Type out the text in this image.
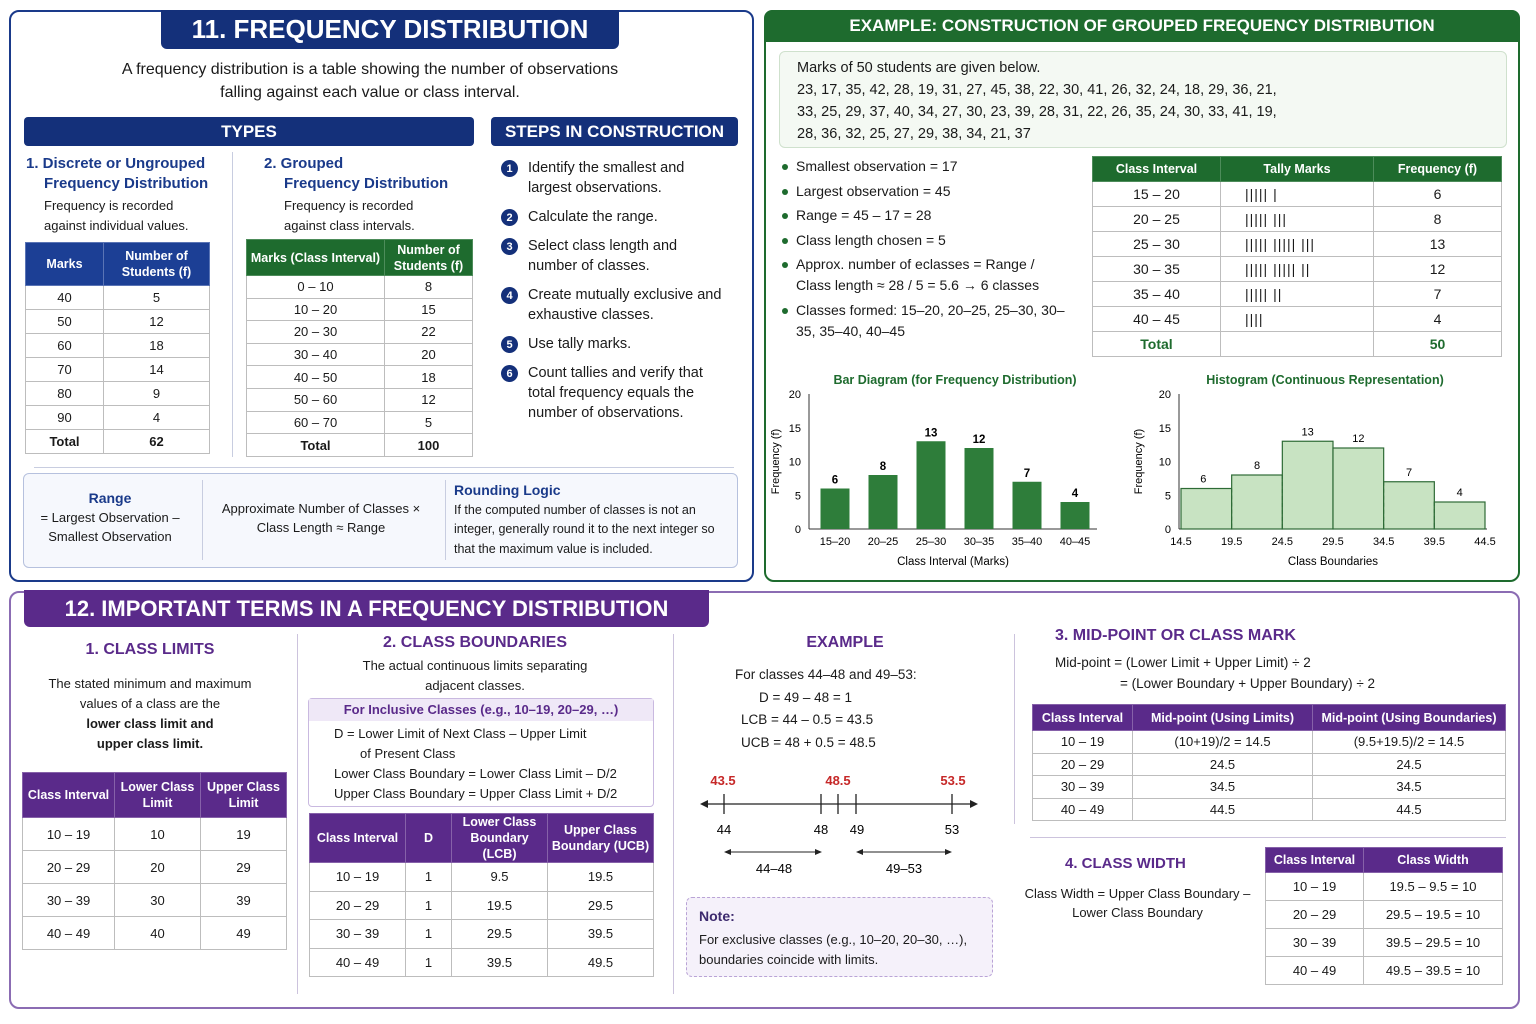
11. FREQUENCY DISTRIBUTION
A frequency distribution is a table showing the number of observations
falling against each value or class interval.
TYPES	STEPS IN CONSTRUCTION
1. Discrete or Ungrouped
Frequency Distribution
Frequency is recorded
against individual values.
Marks	Number of Students (f)
40	5
50	12
60	18
70	14
80	9
90	4
Total	62
2. Grouped
Frequency Distribution
Frequency is recorded
against class intervals.
Marks (Class Interval)	Number of Students (f)
0 – 10	8
10 – 20	15
20 – 30	22
30 – 40	20
40 – 50	18
50 – 60	12
60 – 70	5
Total	100
1	Identify the smallest and largest observations.
2	Calculate the range.
3	Select class length and number of classes.
4	Create mutually exclusive and exhaustive classes.
5	Use tally marks.
6	Count tallies and verify that total frequency equals the number of observations.
Range
= Largest Observation –
Smallest Observation
Approximate Number of Classes ×
Class Length ≈ Range
Rounding Logic
If the computed number of classes is not an integer, generally round it to the next integer so that the maximum value is included.
EXAMPLE: CONSTRUCTION OF GROUPED FREQUENCY DISTRIBUTION
Marks of 50 students are given below.
23, 17, 35, 42, 28, 19, 31, 27, 45, 38, 22, 30, 41, 26, 32, 24, 18, 29, 36, 21,
33, 25, 29, 37, 40, 34, 27, 30, 23, 39, 28, 31, 22, 26, 35, 24, 30, 33, 41, 19,
28, 36, 32, 25, 27, 29, 38, 34, 21, 37
Smallest observation = 17
Largest observation = 45
Range = 45 – 17 = 28
Class length chosen = 5
Approx. number of eclasses = Range / Class length ≈ 28 / 5 = 5.6 → 6 classes
Classes formed: 15–20, 20–25, 25–30, 30–35, 35–40, 40–45
Class Interval	Tally Marks	Frequency (f)
15 – 20	||||| |	6
20 – 25	||||| |||	8
25 – 30	||||| ||||| |||	13
30 – 35	||||| ||||| ||	12
35 – 40	||||| ||	7
40 – 45	||||	4
Total		50
Bar Diagram (for Frequency Distribution)
Frequency (f)
Class Interval (Marks)
0
5
10
15
20
6
15–20
8
20–25
13
25–30
12
30–35
7
35–40
4
40–45
Histogram (Continuous Representation)
Frequency (f)
Class Boundaries
0
5
10
15
20
6
8
13
12
7
4
14.5	19.5	24.5	29.5	34.5	39.5	44.5
12. IMPORTANT TERMS IN A FREQUENCY DISTRIBUTION
1. CLASS LIMITS
The stated minimum and maximum
values of a class are the
lower class limit and
upper class limit.
Class Interval	Lower Class Limit	Upper Class Limit
10 – 19	10	19
20 – 29	20	29
30 – 39	30	39
40 – 49	40	49
2. CLASS BOUNDARIES
The actual continuous limits separating
adjacent classes.
For Inclusive Classes (e.g., 10–19, 20–29, …)
D = Lower Limit of Next Class – Upper Limit
of Present Class
Lower Class Boundary = Lower Class Limit – D/2
Upper Class Boundary = Upper Class Limit + D/2
Class Interval	D	Lower Class Boundary (LCB)	Upper Class Boundary (UCB)
10 – 19	1	9.5	19.5
20 – 29	1	19.5	29.5
30 – 39	1	29.5	39.5
40 – 49	1	39.5	49.5
EXAMPLE
For classes 44–48 and 49–53:
D = 49 – 48 = 1
LCB = 44 – 0.5 = 43.5
UCB = 48 + 0.5 = 48.5
43.5	48.5	53.5
44	48 49	53
44–48	49–53
Note:
For exclusive classes (e.g., 10–20, 20–30, …), boundaries coincide with limits.
3. MID-POINT OR CLASS MARK
Mid-point = (Lower Limit + Upper Limit) ÷ 2
= (Lower Boundary + Upper Boundary) ÷ 2
Class Interval	Mid-point (Using Limits)	Mid-point (Using Boundaries)
10 – 19	(10+19)/2 = 14.5	(9.5+19.5)/2 = 14.5
20 – 29	24.5	24.5
30 – 39	34.5	34.5
40 – 49	44.5	44.5
4. CLASS WIDTH
Class Width = Upper Class Boundary –
Lower Class Boundary
Class Interval	Class Width
10 – 19	19.5 – 9.5 = 10
20 – 29	29.5 – 19.5 = 10
30 – 39	39.5 – 29.5 = 10
40 – 49	49.5 – 39.5 = 10
